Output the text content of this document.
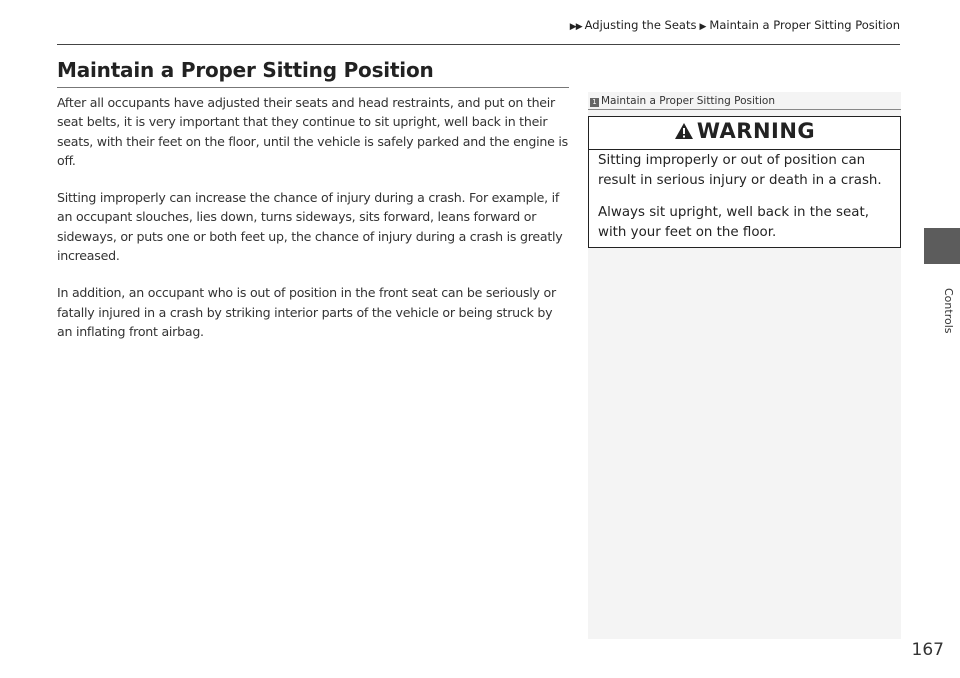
▶▶ Adjusting the Seats ▶ Maintain a Proper Sitting Position
Maintain a Proper Sitting Position

After all occupants have adjusted their seats and head restraints, and put on their seat belts, it is very important that they continue to sit upright, well back in their seats, with their feet on the floor, until the vehicle is safely parked and the engine is off.

Sitting improperly can increase the chance of injury during a crash. For example, if an occupant slouches, lies down, turns sideways, sits forward, leans forward or sideways, or puts one or both feet up, the chance of injury during a crash is greatly increased.

In addition, an occupant who is out of position in the front seat can be seriously or fatally injured in a crash by striking interior parts of the vehicle or being struck by an inflating front airbag.

1 Maintain a Proper Sitting Position
WARNING

Sitting improperly or out of position can result in serious injury or death in a crash.

Always sit upright, well back in the seat, with your feet on the floor.

Controls
167
